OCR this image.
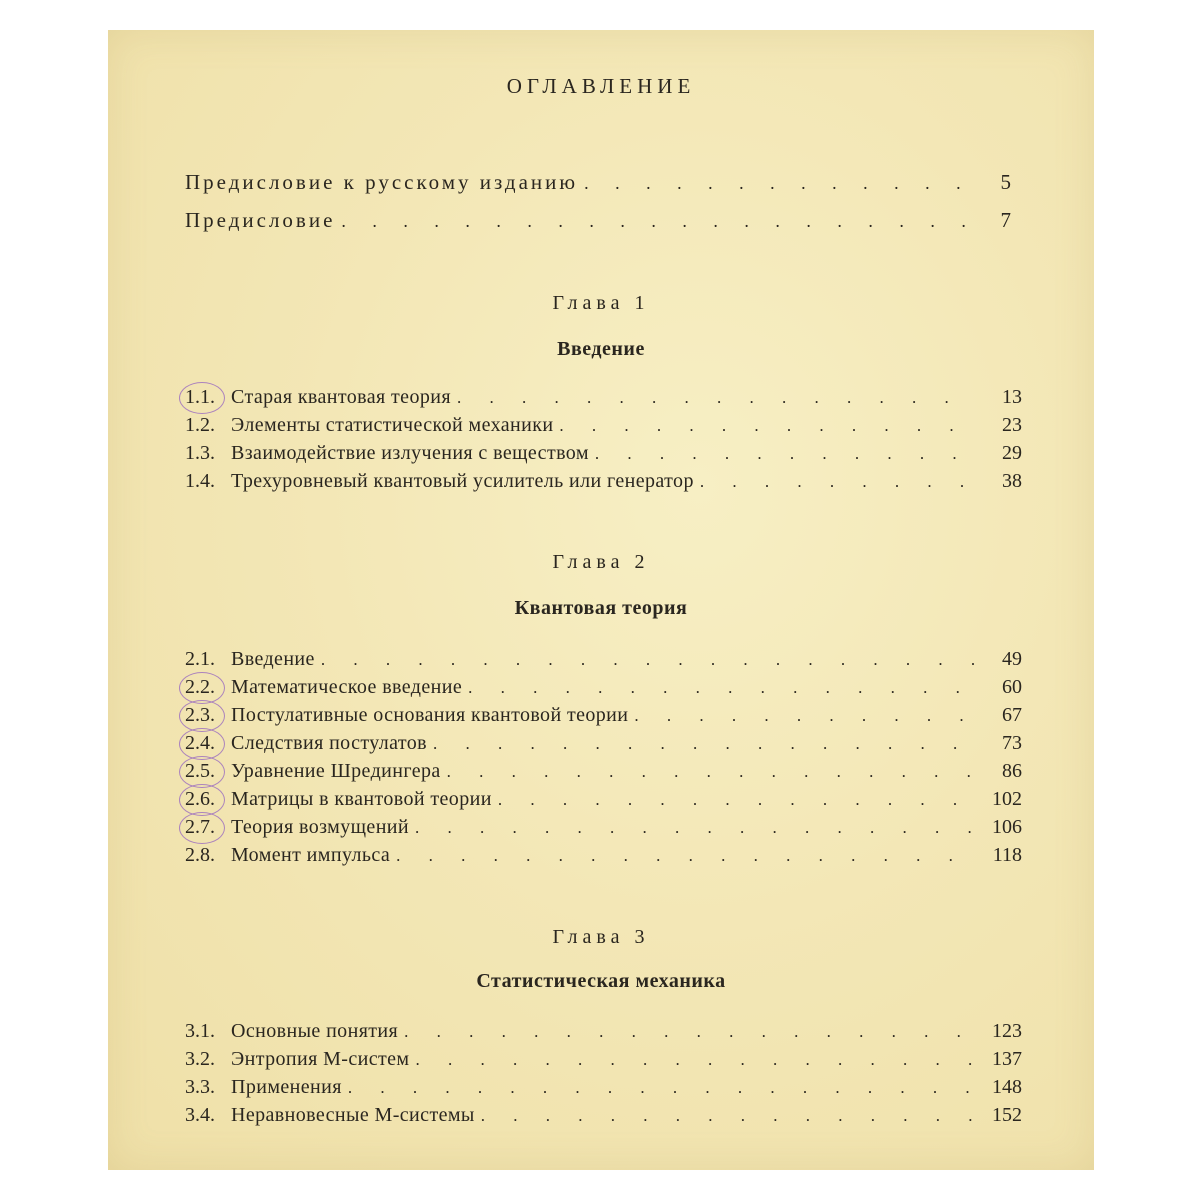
ОГЛАВЛЕНИЕ
Предисловие к русскому изданию . . .	5
Предисловие . . .	7
Глава 1
Введение
1.1. Старая квантовая теория . . .	13
1.2. Элементы статистической механики . . .	23
1.3. Взаимодействие излучения с веществом . . .	29
1.4. Трехуровневый квантовый усилитель или генератор . . .	38
Глава 2
Квантовая теория
2.1. Введение . . .	49
2.2. Математическое введение . . .	60
2.3. Постулативные основания квантовой теории . . .	67
2.4. Следствия постулатов . . .	73
2.5. Уравнение Шредингера . . .	86
2.6. Матрицы в квантовой теории . . .	102
2.7. Теория возмущений . . .	106
2.8. Момент импульса . . .	118
Глава 3
Статистическая механика
3.1. Основные понятия . . .	123
3.2. Энтропия М-систем . . .	137
3.3. Применения . . .	148
3.4. Неравновесные М-системы . . .	152
